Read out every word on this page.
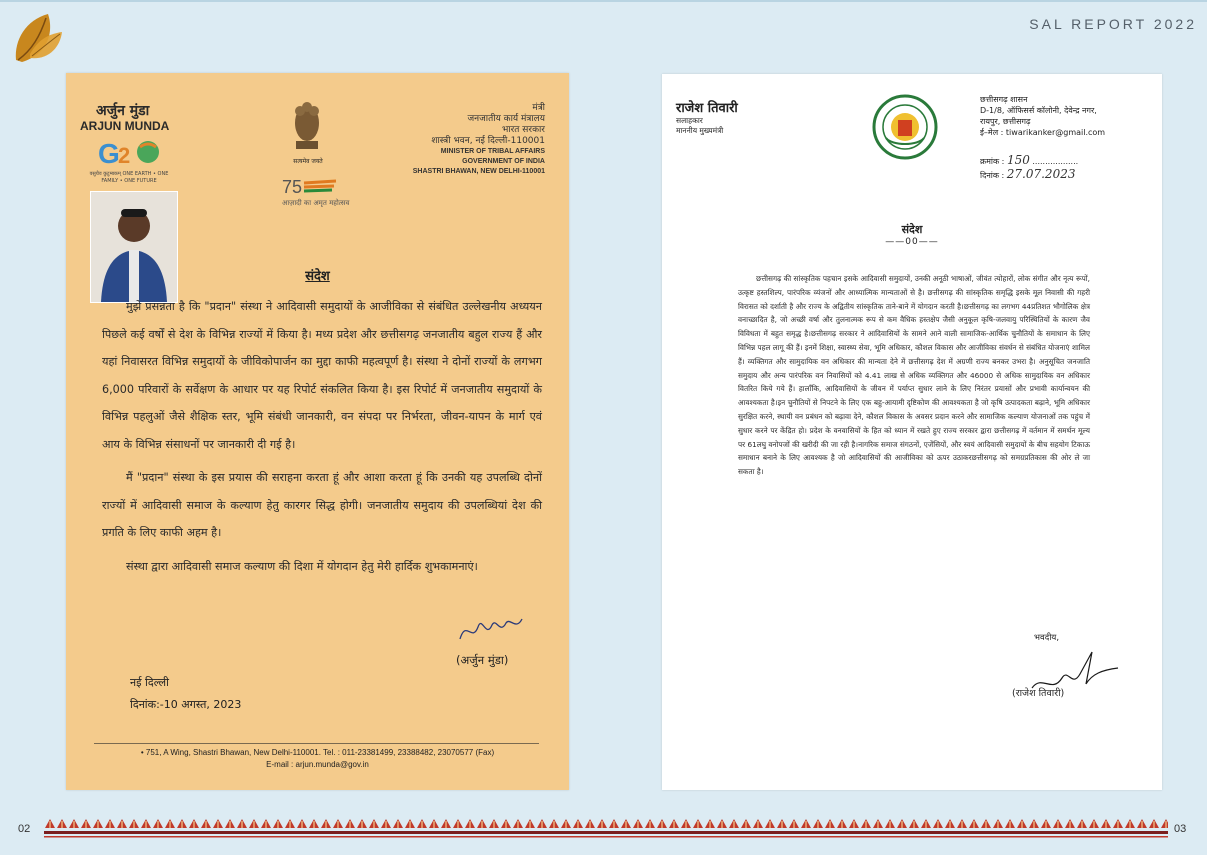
SAL REPORT 2022
अर्जुन मुंडा
ARJUN MUNDA
G
2
वसुधैव कुटुम्बकम् ONE EARTH • ONE FAMILY • ONE FUTURE
सत्यमेव जयते
75
आज़ादी का अमृत महोत्सव
मंत्री
जनजातीय कार्य मंत्रालय
भारत सरकार
शास्त्री भवन, नई दिल्ली-110001
MINISTER OF TRIBAL AFFAIRS
GOVERNMENT OF INDIA
SHASTRI BHAWAN, NEW DELHI-110001
संदेश

मुझे प्रसन्नता है कि "प्रदान" संस्था ने आदिवासी समुदायों के आजीविका से संबंधित उल्लेखनीय अध्ययन पिछले कई वर्षों से देश के विभिन्न राज्यों में किया है। मध्य प्रदेश और छत्तीसगढ़ जनजातीय बहुल राज्य हैं और यहां निवासरत विभिन्न समुदायों के जीविकोपार्जन का मुद्दा काफी महत्वपूर्ण है। संस्था ने दोनों राज्यों के लगभग 6,000 परिवारों के सर्वेक्षण के आधार पर यह रिपोर्ट संकलित किया है। इस रिपोर्ट में जनजातीय समुदायों के विभिन्न पहलुओं जैसे शैक्षिक स्तर, भूमि संबंधी जानकारी, वन संपदा पर निर्भरता, जीवन-यापन के मार्ग एवं आय के विभिन्न संसाधनों पर जानकारी दी गई है।

मैं "प्रदान" संस्था के इस प्रयास की सराहना करता हूं और आशा करता हूं कि उनकी यह उपलब्धि दोनों राज्यों में आदिवासी समाज के कल्याण हेतु कारगर सिद्ध होगी। जनजातीय समुदाय की उपलब्धियां देश की प्रगति के लिए काफी अहम है।

संस्था द्वारा आदिवासी समाज कल्याण की दिशा में योगदान हेतु मेरी हार्दिक शुभकामनाएं।

(अर्जुन मुंडा)
नई दिल्ली
दिनांक:-10 अगस्त, 2023
• 751, A Wing, Shastri Bhawan, New Delhi-110001. Tel. : 011-23381499, 23388482, 23070577 (Fax)
E-mail : arjun.munda@gov.in
राजेश तिवारी
सलाहकार
माननीय मुख्यमंत्री
छत्तीसगढ़ शासन
D-1/8, ऑफिसर्स कॉलोनी, देवेन्द्र नगर,
रायपुर, छत्तीसगढ़
ई–मेल : tiwarikanker@gmail.com
क्रमांक : 150 ..................
दिनांक : 27.07.2023
संदेश
——00——

छत्तीसगढ़ की सांस्कृतिक पहचान इसके आदिवासी समुदायों, उनकी अनूठी भाषाओं, जीवंत त्योहारों, लोक संगीत और नृत्य रूपों, उत्कृष्ट हस्तशिल्प, पारंपरिक व्यंजनों और आध्यात्मिक मान्यताओं से है। छत्तीसगढ़ की सांस्कृतिक समृद्धि इसके मूल निवासी की गहरी विरासत को दर्शाती है और राज्य के अद्वितीय सांस्कृतिक ताने-बाने में योगदान करती है।छत्तीसगढ़ का लगभग 44प्रतिशत भौगोलिक क्षेत्र वनाच्छादित है, जो अच्छी वर्षा और तुलनात्मक रूप से कम वैधिक हस्तक्षेप जैसी अनुकूल कृषि-जलवायु परिस्थितियों के कारण जैव विविधता में बहुत समृद्ध है।छत्तीसगढ़ सरकार ने आदिवासियों के सामने आने वाली सामाजिक-आर्थिक चुनौतियों के समाधान के लिए विभिन्न पहल लागू की हैं। इनमें शिक्षा, स्वास्थ्य सेवा, भूमि अधिकार, कौशल विकास और आजीविका संवर्धन से संबंधित योजनाएं शामिल हैं। व्यक्तिगत और सामुदायिक वन अधिकार की मान्यता देने में छत्तीसगढ़ देश में अग्रणी राज्य बनकर उभरा है। अनुसूचित जनजाति समुदाय और अन्य पारंपरिक वन निवासियों को 4.41 लाख से अधिक व्यक्तिगत और 46000 से अधिक सामुदायिक वन अधिकार वितरित किये गये हैं। हालाँकि, आदिवासियों के जीवन में पर्याप्त सुधार लाने के लिए निरंतर प्रयासों और प्रभावी कार्यान्वयन की आवश्यकता है।इन चुनौतियों से निपटने के लिए एक बहु-आयामी दृष्टिकोण की आवश्यकता है जो कृषि उत्पादकता बढ़ाने, भूमि अधिकार सुरक्षित करने, स्थायी वन प्रबंधन को बढ़ावा देने, कौशल विकास के अवसर प्रदान करने और सामाजिक कल्याण योजनाओं तक पहुंच में सुधार करने पर केंद्रित हो। प्रदेश के वनवासियों के हित को ध्यान में रखते हुए राज्य सरकार द्वारा छत्तीसगढ़ में वर्तमान में समर्थन मूल्य पर 61लघु वनोपजों की खरीदी की जा रही है।नागरिक समाज संगठनों, एजेंसियों, और स्वयं आदिवासी समुदायों के बीच सहयोग टिकाऊ समाधान बनाने के लिए आवश्यक है जो आदिवासियों की आजीविका को ऊपर उठाकरछत्तीसगढ़ को समग्रप्रतिकास की ओर ले जा सकता है।

भवदीय,
(राजेश तिवारी)
02	03
